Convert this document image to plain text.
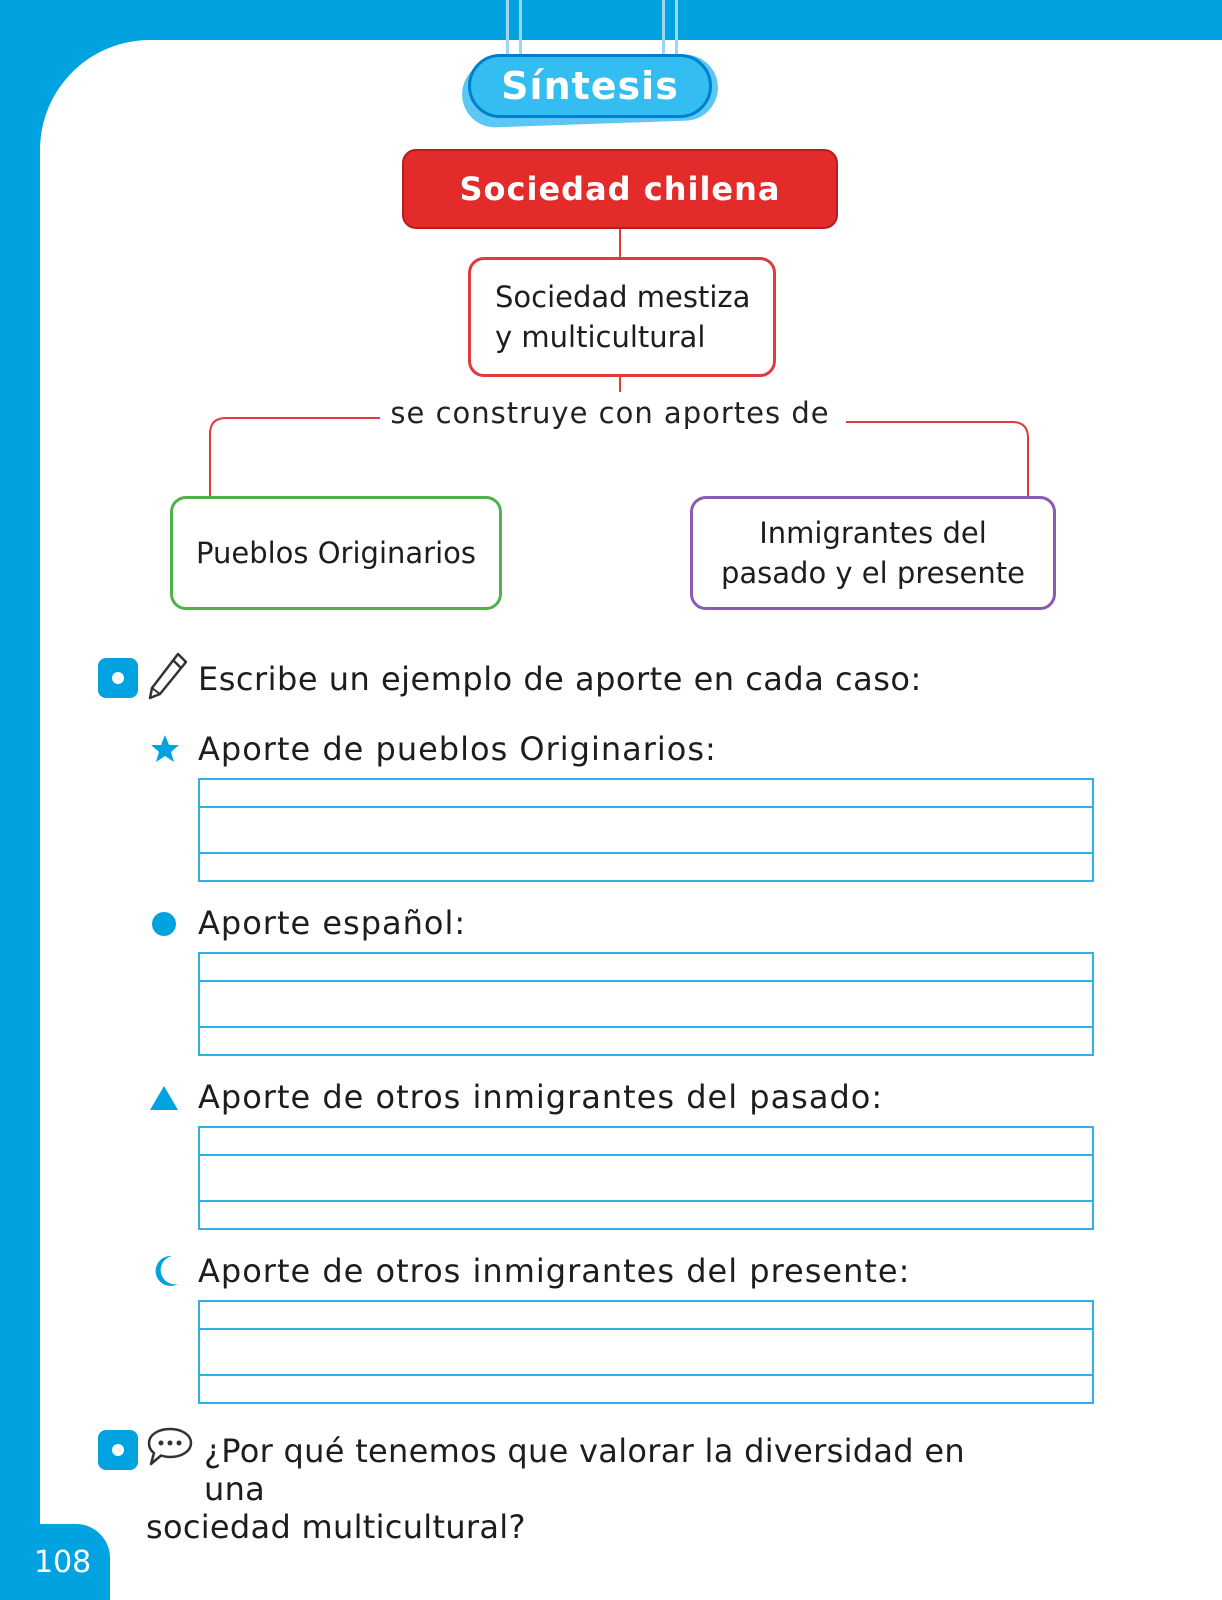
Síntesis
Sociedad chilena
Sociedad mestiza
y multicultural
se construye con aportes de
Pueblos Originarios
Inmigrantes del
pasado y el presente
Escribe un ejemplo de aporte en cada caso:
Aporte de pueblos Originarios:
Aporte español:
Aporte de otros inmigrantes del pasado:
Aporte de otros inmigrantes del presente:
¿Por qué tenemos que valorar la diversidad en una
sociedad multicultural?
108
